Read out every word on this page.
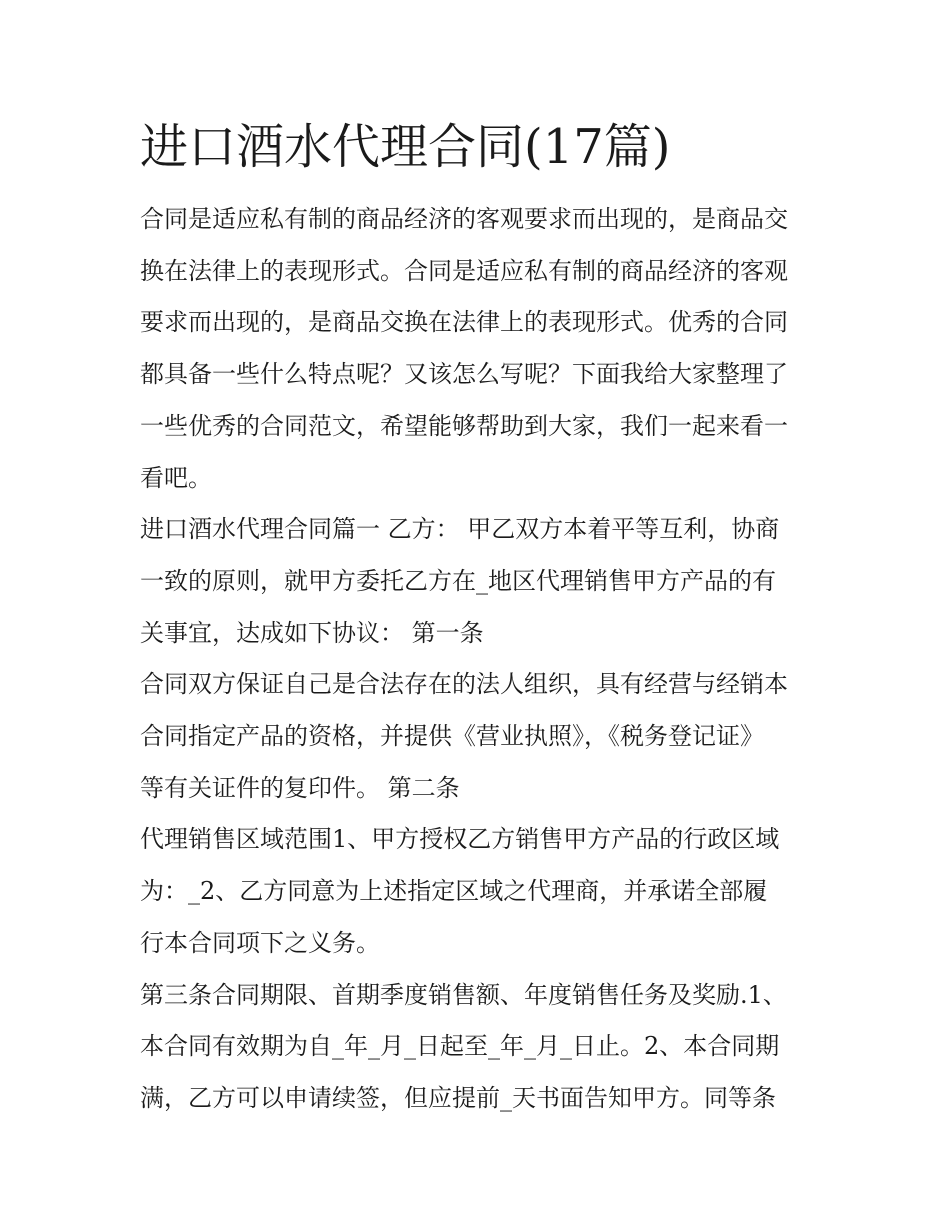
进口酒水代理合同(17篇)

合同是适应私有制的商品经济的客观要求而出现的，是商品交
换在法律上的表现形式。合同是适应私有制的商品经济的客观
要求而出现的，是商品交换在法律上的表现形式。优秀的合同
都具备一些什么特点呢？又该怎么写呢？下面我给大家整理了
一些优秀的合同范文，希望能够帮助到大家，我们一起来看一
看吧。

进口酒水代理合同篇一 乙方： 甲乙双方本着平等互利，协商
一致的原则，就甲方委托乙方在_地区代理销售甲方产品的有
关事宜，达成如下协议： 第一条

合同双方保证自己是合法存在的法人组织，具有经营与经销本
合同指定产品的资格，并提供《营业执照》，《税务登记证》
等有关证件的复印件。 第二条

代理销售区域范围1、甲方授权乙方销售甲方产品的行政区域
为：_2、乙方同意为上述指定区域之代理商，并承诺全部履
行本合同项下之义务。

第三条合同期限、首期季度销售额、年度销售任务及奖励.1、
本合同有效期为自_年_月_日起至_年_月_日止。2、本合同期
满，乙方可以申请续签，但应提前_天书面告知甲方。同等条
